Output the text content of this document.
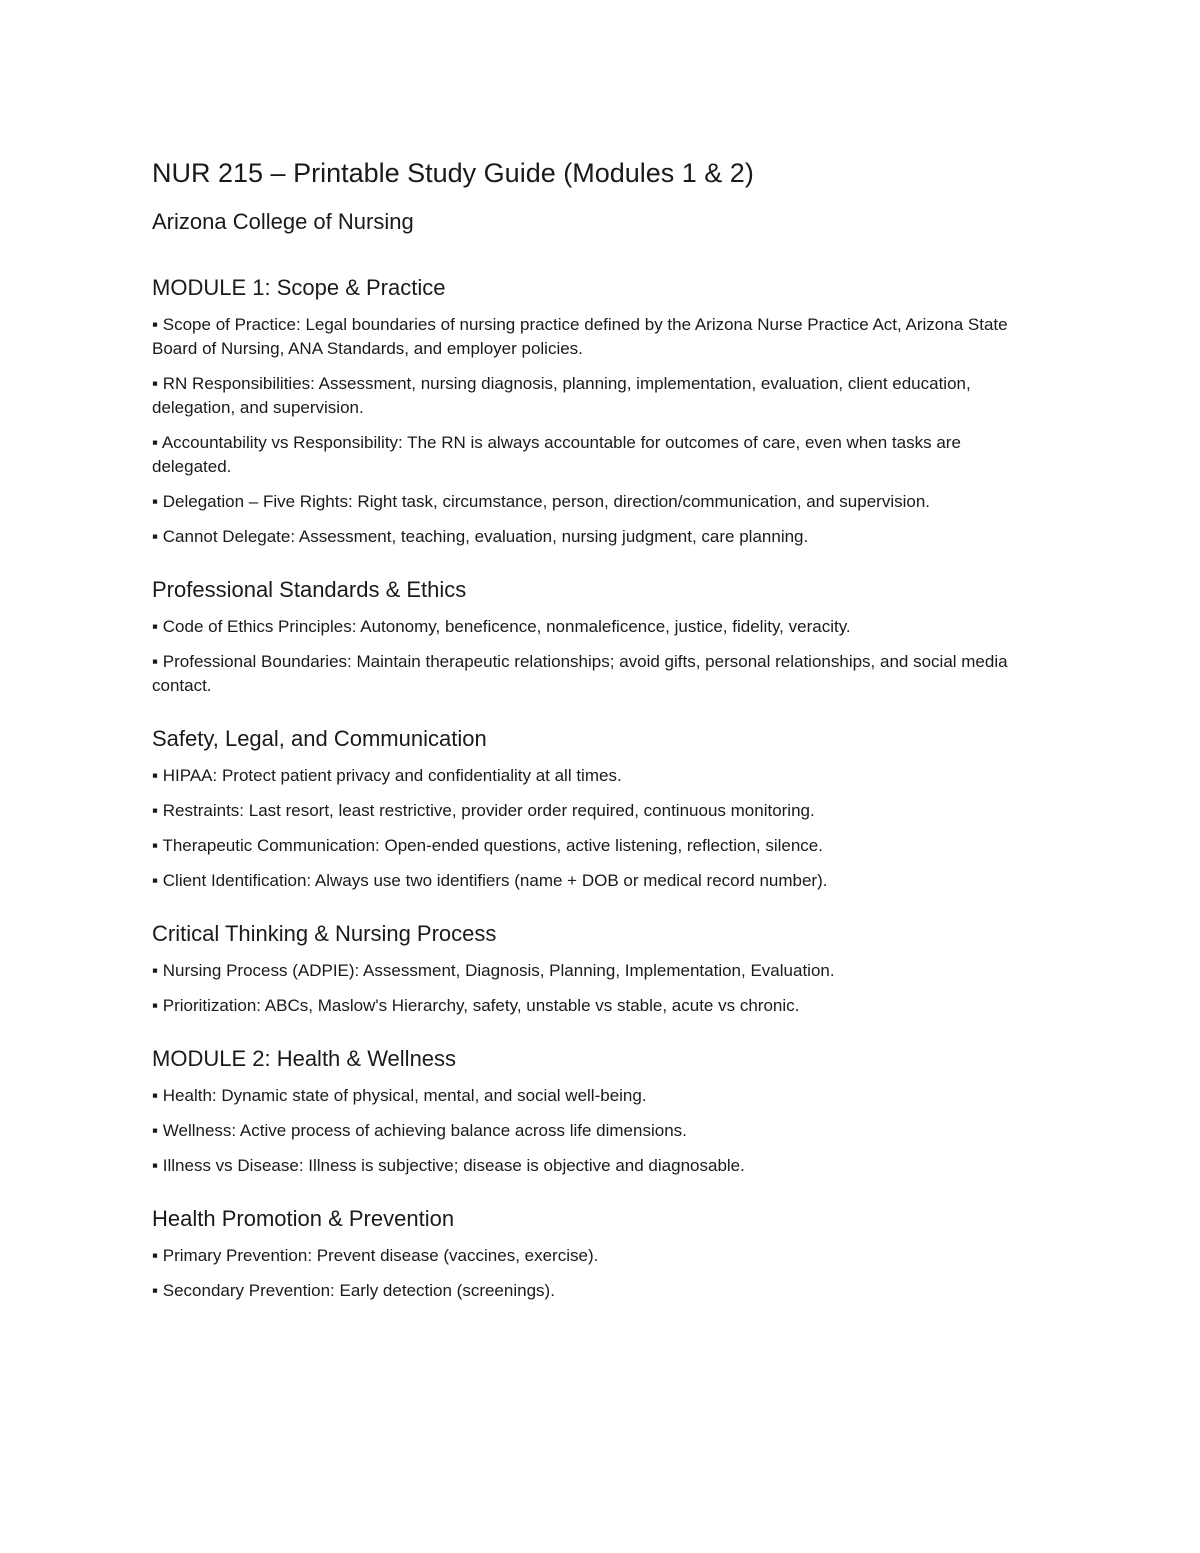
NUR 215 – Printable Study Guide (Modules 1 & 2)
Arizona College of Nursing
MODULE 1: Scope & Practice
▪ Scope of Practice: Legal boundaries of nursing practice defined by the Arizona Nurse Practice Act, Arizona State Board of Nursing, ANA Standards, and employer policies.
▪ RN Responsibilities: Assessment, nursing diagnosis, planning, implementation, evaluation, client education, delegation, and supervision.
▪ Accountability vs Responsibility: The RN is always accountable for outcomes of care, even when tasks are delegated.
▪ Delegation – Five Rights: Right task, circumstance, person, direction/communication, and supervision.
▪ Cannot Delegate: Assessment, teaching, evaluation, nursing judgment, care planning.
Professional Standards & Ethics
▪ Code of Ethics Principles: Autonomy, beneficence, nonmaleficence, justice, fidelity, veracity.
▪ Professional Boundaries: Maintain therapeutic relationships; avoid gifts, personal relationships, and social media contact.
Safety, Legal, and Communication
▪ HIPAA: Protect patient privacy and confidentiality at all times.
▪ Restraints: Last resort, least restrictive, provider order required, continuous monitoring.
▪ Therapeutic Communication: Open-ended questions, active listening, reflection, silence.
▪ Client Identification: Always use two identifiers (name + DOB or medical record number).
Critical Thinking & Nursing Process
▪ Nursing Process (ADPIE): Assessment, Diagnosis, Planning, Implementation, Evaluation.
▪ Prioritization: ABCs, Maslow's Hierarchy, safety, unstable vs stable, acute vs chronic.
MODULE 2: Health & Wellness
▪ Health: Dynamic state of physical, mental, and social well-being.
▪ Wellness: Active process of achieving balance across life dimensions.
▪ Illness vs Disease: Illness is subjective; disease is objective and diagnosable.
Health Promotion & Prevention
▪ Primary Prevention: Prevent disease (vaccines, exercise).
▪ Secondary Prevention: Early detection (screenings).
